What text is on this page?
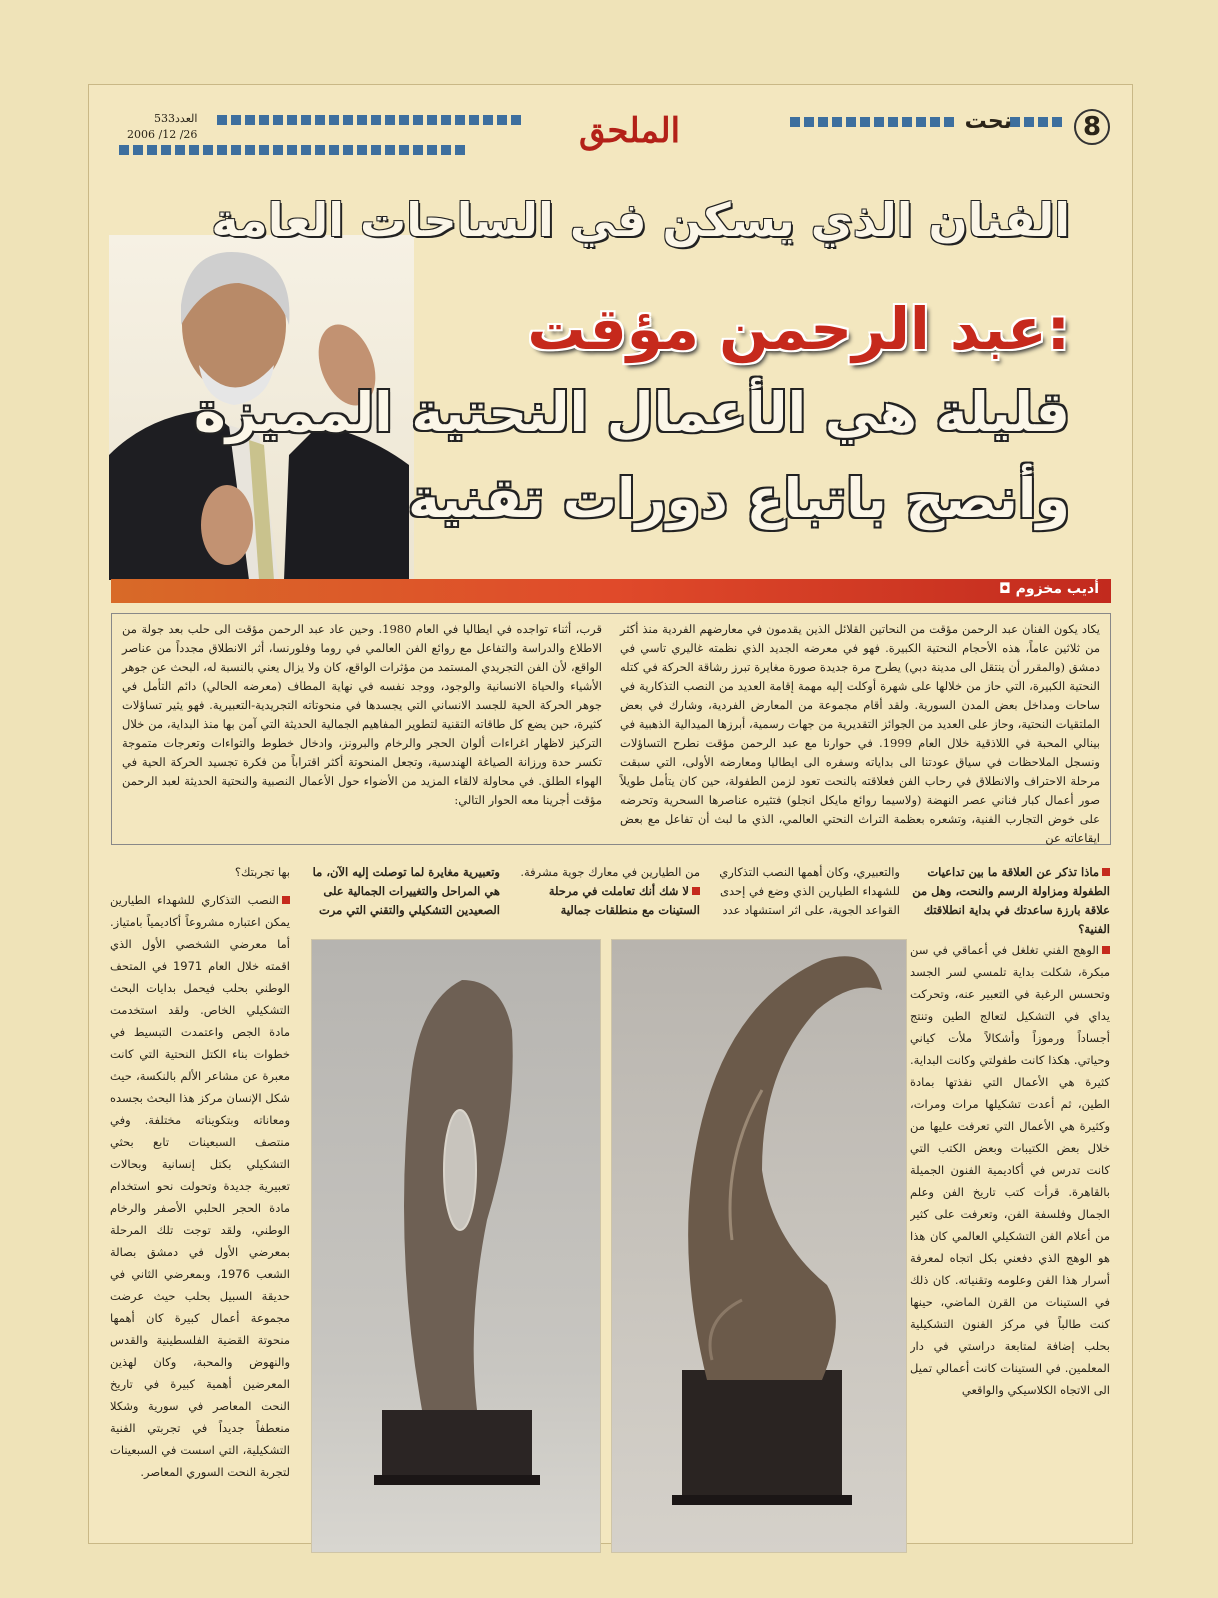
8
نحت
الملحق
العدد533
2006 /12 /26
الفنان الذي يسكن في الساحات العامة
عبد الرحمن مؤقت:
قليلة هي الأعمال النحتية المميزة
وأنصح باتباع دورات تقنية
◘ أديب مخزوم
يكاد يكون الفنان عبد الرحمن مؤقت من النحاتين القلائل الذين يقدمون في معارضهم الفردية منذ أكثر من ثلاثين عاماً، هذه الأحجام النحتية الكبيرة. فهو في معرضه الجديد الذي نظمته غاليري تاسي في دمشق (والمقرر أن ينتقل الى مدينة دبي) يطرح مرة جديدة صورة مغايرة تبرز رشاقة الحركة في كتله النحتية الكبيرة، التي حاز من خلالها على شهرة أوكلت إليه مهمة إقامة العديد من النصب التذكارية في ساحات ومداخل بعض المدن السورية. ولقد أقام مجموعة من المعارض الفردية، وشارك في بعض الملتقيات النحتية، وحاز على العديد من الجوائز التقديرية من جهات رسمية، أبرزها الميدالية الذهبية في بينالي المحبة في اللاذقية خلال العام 1999. في حوارنا مع عبد الرحمن مؤقت نطرح التساؤلات ونسجل الملاحظات في سياق عودتنا الى بداياته وسفره الى ايطاليا ومعارضه الأولى، التي سبقت مرحلة الاحتراف والانطلاق في رحاب الفن فعلاقته بالنحت تعود لزمن الطفولة، حين كان يتأمل طويلاً صور أعمال كبار فناني عصر النهضة (ولاسيما روائع مايكل انجلو) فتثيره عناصرها السحرية وتحرضه على خوض التجارب الفنية، وتشعره بعظمة التراث النحتي العالمي، الذي ما لبث أن تفاعل مع بعض ايقاعاته عن
قرب، أثناء تواجده في ايطاليا في العام 1980. وحين عاد عبد الرحمن مؤقت الى حلب بعد جولة من الاطلاع والدراسة والتفاعل مع روائع الفن العالمي في روما وفلورنسا، أثر الانطلاق مجدداً من عناصر الواقع، لأن الفن التجريدي المستمد من مؤثرات الواقع، كان ولا يزال يعني بالنسبة له، البحث عن جوهر الأشياء والحياة الانسانية والوجود، ووجد نفسه في نهاية المطاف (معرضه الحالي) دائم التأمل في جوهر الحركة الحية للجسد الانساني التي يجسدها في منحوتاته التجريدية-التعبيرية. فهو يثير تساؤلات كثيرة، حين يضع كل طاقاته التقنية لتطوير المفاهيم الجمالية الحديثة التي آمن بها منذ البداية، من خلال التركيز لاظهار اغراءات ألوان الحجر والرخام والبرونز، وادخال خطوط والتواءات وتعرجات متموجة تكسر حدة ورزانة الصياغة الهندسية، وتجعل المنحوتة أكثر اقتراباً من فكرة تجسيد الحركة الحية في الهواء الطلق. في محاولة لالقاء المزيد من الأضواء حول الأعمال النصبية والنحتية الحديثة لعبد الرحمن مؤقت أجرينا معه الحوار التالي:
ماذا تذكر عن العلاقة ما بين تداعيات الطفولة ومزاولة الرسم والنحت، وهل من علاقة بارزة ساعدتك في بداية انطلاقتك الفنية؟
والتعبيري، وكان أهمها النصب التذكاري للشهداء الطيارين الذي وضع في إحدى القواعد الجوية، على اثر استشهاد عدد
من الطيارين في معارك جوية مشرفة.
لا شك أنك تعاملت في مرحلة الستينات مع منطلقات جمالية
وتعبيرية مغايرة لما توصلت إليه الآن، ما هي المراحل والتغييرات الجمالية على الصعيدين التشكيلي والتقني التي مرت
بها تجربتك؟
الوهج الفني تغلغل في أعماقي في سن مبكرة، شكلت بداية تلمسي لسر الجسد وتحسس الرغبة في التعبير عنه، وتحركت يداي في التشكيل لتعالج الطين وتنتج أجساداً ورموزاً وأشكالاً ملأت كياني وحياتي. هكذا كانت طفولتي وكانت البداية. كثيرة هي الأعمال التي نفذتها بمادة الطين، ثم أعدت تشكيلها مرات ومرات، وكثيرة هي الأعمال التي تعرفت عليها من خلال بعض الكتيبات وبعض الكتب التي كانت تدرس في أكاديمية الفنون الجميلة بالقاهرة. قرأت كتب تاريخ الفن وعلم الجمال وفلسفة الفن، وتعرفت على كثير من أعلام الفن التشكيلي العالمي كان هذا هو الوهج الذي دفعني بكل اتجاه لمعرفة أسرار هذا الفن وعلومه وتقنياته. كان ذلك في الستينات من القرن الماضي، حينها كنت طالباً في مركز الفنون التشكيلية بحلب إضافة لمتابعة دراستي في دار المعلمين. في الستينات كانت أعمالي تميل الى الاتجاه الكلاسيكي والواقعي
النصب التذكاري للشهداء الطيارين يمكن اعتباره مشروعاً أكاديمياً بامتياز. أما معرضي الشخصي الأول الذي اقمته خلال العام 1971 في المتحف الوطني بحلب فيحمل بدايات البحث التشكيلي الخاص. ولقد استخدمت مادة الجص واعتمدت التبسيط في خطوات بناء الكتل النحتية التي كانت معبرة عن مشاعر الألم بالنكسة، حيث شكل الإنسان مركز هذا البحث بجسده ومعاناته وبتكويناته مختلفة. وفي منتصف السبعينات تابع بحثي التشكيلي بكتل إنسانية وبحالات تعبيرية جديدة وتحولت نحو استخدام مادة الحجر الحلبي الأصفر والرخام الوطني، ولقد توجت تلك المرحلة بمعرضي الأول في دمشق بصالة الشعب 1976، وبمعرضي الثاني في حديقة السبيل بحلب حيث عرضت مجموعة أعمال كبيرة كان أهمها منحوتة القضية الفلسطينية والقدس والنهوض والمحبة، وكان لهذين المعرضين أهمية كبيرة في تاريخ النحت المعاصر في سورية وشكلا منعطفاً جديداً في تجربتي الفنية التشكيلية، التي اسست في السبعينات لتجربة النحت السوري المعاصر.
